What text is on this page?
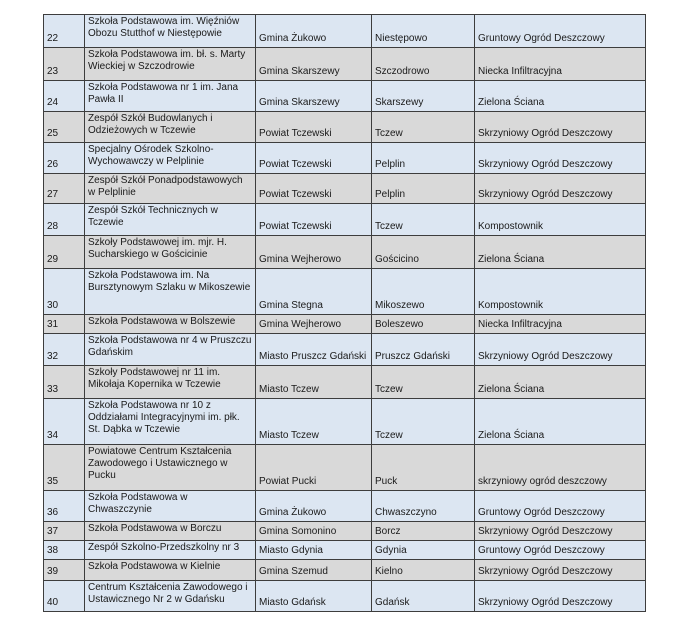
22	Szkoła Podstawowa im. Więźniów Obozu Stutthof w Niestępowie	Gmina Żukowo	Niestępowo	Gruntowy Ogród Deszczowy
23	Szkoła Podstawowa im. bł. s. Marty Wieckiej w Szczodrowie	Gmina Skarszewy	Szczodrowo	Niecka Infiltracyjna
24	Szkoła Podstawowa nr 1 im. Jana Pawła II	Gmina Skarszewy	Skarszewy	Zielona Ściana
25	Zespół Szkół Budowlanych i Odzieżowych w Tczewie	Powiat Tczewski	Tczew	Skrzyniowy Ogród Deszczowy
26	Specjalny Ośrodek Szkolno-Wychowawczy w Pelplinie	Powiat Tczewski	Pelplin	Skrzyniowy Ogród Deszczowy
27	Zespół Szkół Ponadpodstawowych w Pelplinie	Powiat Tczewski	Pelplin	Skrzyniowy Ogród Deszczowy
28	Zespół Szkół Technicznych w Tczewie	Powiat Tczewski	Tczew	Kompostownik
29	Szkoły Podstawowej im. mjr. H. Sucharskiego w Gościcinie	Gmina Wejherowo	Gościcino	Zielona Ściana
30	Szkoła Podstawowa im. Na Bursztynowym Szlaku w Mikoszewie	Gmina Stegna	Mikoszewo	Kompostownik
31	Szkoła Podstawowa w Bolszewie	Gmina Wejherowo	Boleszewo	Niecka Infiltracyjna
32	Szkoła Podstawowa nr 4 w Pruszczu Gdańskim	Miasto Pruszcz Gdański	Pruszcz Gdański	Skrzyniowy Ogród Deszczowy
33	Szkoły Podstawowej nr 11 im. Mikołaja Kopernika w Tczewie	Miasto Tczew	Tczew	Zielona Ściana
34	Szkoła Podstawowa nr 10 z Oddziałami Integracyjnymi im. płk. St. Dąbka w Tczewie	Miasto Tczew	Tczew	Zielona Ściana
35	Powiatowe Centrum Kształcenia Zawodowego i Ustawicznego w Pucku	Powiat Pucki	Puck	skrzyniowy ogród deszczowy
36	Szkoła Podstawowa w Chwaszczynie	Gmina Żukowo	Chwaszczyno	Gruntowy Ogród Deszczowy
37	Szkoła Podstawowa w Borczu	Gmina Somonino	Borcz	Skrzyniowy Ogród Deszczowy
38	Zespół Szkolno-Przedszkolny nr 3	Miasto Gdynia	Gdynia	Gruntowy Ogród Deszczowy
39	Szkoła Podstawowa w Kielnie	Gmina Szemud	Kielno	Skrzyniowy Ogród Deszczowy
40	Centrum Kształcenia Zawodowego i Ustawicznego Nr 2 w Gdańsku	Miasto Gdańsk	Gdańsk	Skrzyniowy Ogród Deszczowy
